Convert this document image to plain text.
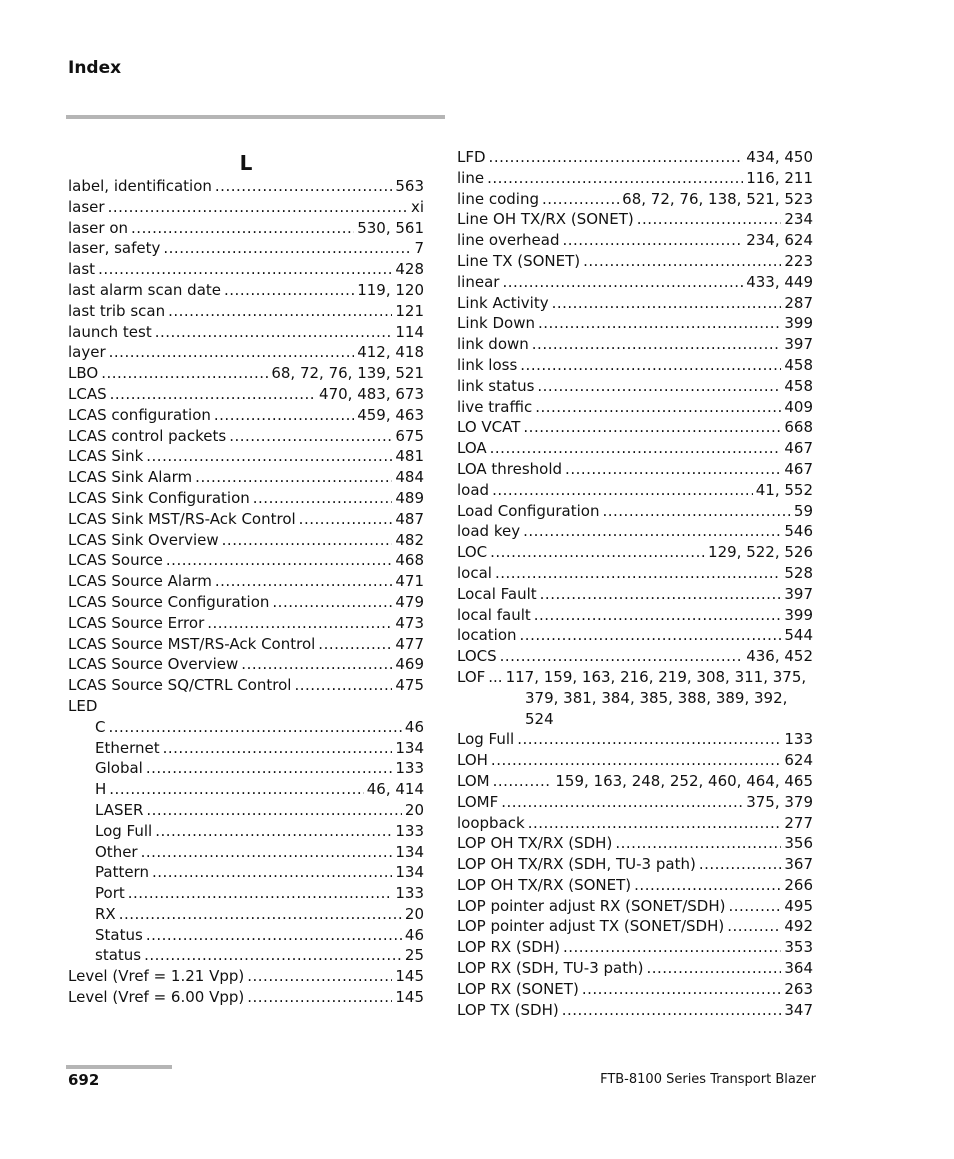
Index
L
label, identification .....	563
laser .....	xi
laser on .....	530, 561
laser, safety .....	7
last .....	428
last alarm scan date .....	119, 120
last trib scan .....	121
launch test .....	114
layer .....	412, 418
LBO .....	68, 72, 76, 139, 521
LCAS .....	470, 483, 673
LCAS configuration .....	459, 463
LCAS control packets .....	675
LCAS Sink .....	481
LCAS Sink Alarm .....	484
LCAS Sink Configuration .....	489
LCAS Sink MST/RS-Ack Control .....	487
LCAS Sink Overview .....	482
LCAS Source .....	468
LCAS Source Alarm .....	471
LCAS Source Configuration .....	479
LCAS Source Error .....	473
LCAS Source MST/RS-Ack Control .....	477
LCAS Source Overview .....	469
LCAS Source SQ/CTRL Control .....	475
LED
C .....	46
Ethernet .....	134
Global .....	133
H .....	46, 414
LASER .....	20
Log Full .....	133
Other .....	134
Pattern .....	134
Port .....	133
RX .....	20
Status .....	46
status .....	25
Level (Vref = 1.21 Vpp) .....	145
Level (Vref = 6.00 Vpp) .....	145
LFD .....	434, 450
line .....	116, 211
line coding .....	68, 72, 76, 138, 521, 523
Line OH TX/RX (SONET) .....	234
line overhead .....	234, 624
Line TX (SONET) .....	223
linear .....	433, 449
Link Activity .....	287
Link Down .....	399
link down .....	397
link loss .....	458
link status .....	458
live traffic .....	409
LO VCAT .....	668
LOA .....	467
LOA threshold .....	467
load .....	41, 552
Load Configuration .....	59
load key .....	546
LOC .....	129, 522, 526
local .....	528
Local Fault .....	397
local fault .....	399
location .....	544
LOCS .....	436, 452
LOF ... 117, 159, 163, 216, 219, 308, 311, 375,
379, 381, 384, 385, 388, 389, 392,
524
Log Full .....	133
LOH .....	624
LOM .....	159, 163, 248, 252, 460, 464, 465
LOMF .....	375, 379
loopback .....	277
LOP OH TX/RX (SDH) .....	356
LOP OH TX/RX (SDH, TU-3 path) .....	367
LOP OH TX/RX (SONET) .....	266
LOP pointer adjust RX (SONET/SDH) .....	495
LOP pointer adjust TX (SONET/SDH) .....	492
LOP RX (SDH) .....	353
LOP RX (SDH, TU-3 path) .....	364
LOP RX (SONET) .....	263
LOP TX (SDH) .....	347
692	FTB-8100 Series Transport Blazer
